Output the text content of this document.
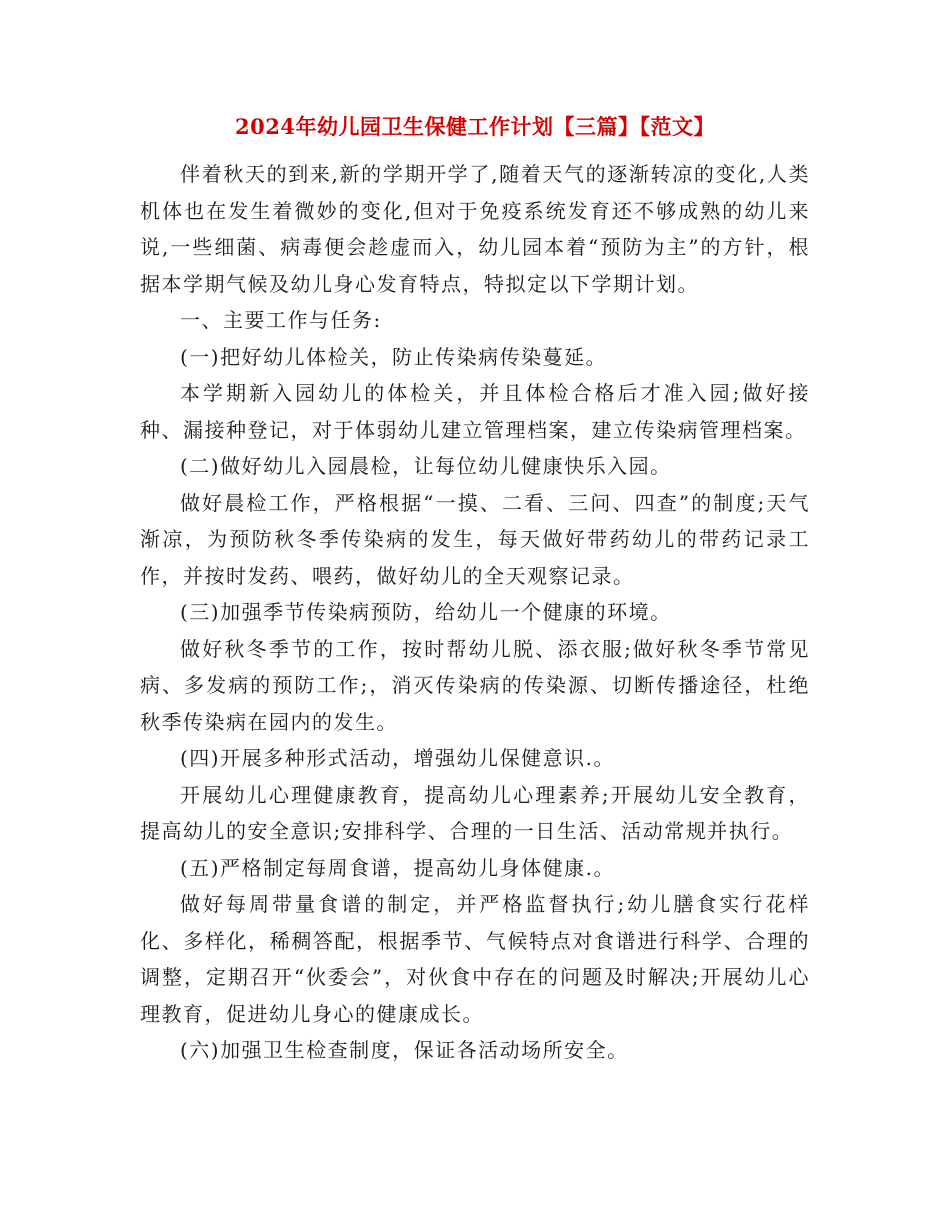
2024年幼儿园卫生保健工作计划【三篇】【范文】

伴着秋天的到来,新的学期开学了,随着天气的逐渐转凉的变化,人类机体也在发生着微妙的变化,但对于免疫系统发育还不够成熟的幼儿来说,一些细菌、病毒便会趁虚而入，幼儿园本着“预防为主”的方针，根据本学期气候及幼儿身心发育特点，特拟定以下学期计划。

一、主要工作与任务:

(一)把好幼儿体检关，防止传染病传染蔓延。

本学期新入园幼儿的体检关，并且体检合格后才准入园;做好接种、漏接种登记，对于体弱幼儿建立管理档案，建立传染病管理档案。

(二)做好幼儿入园晨检，让每位幼儿健康快乐入园。

做好晨检工作，严格根据“一摸、二看、三问、四查”的制度;天气渐凉，为预防秋冬季传染病的发生，每天做好带药幼儿的带药记录工作，并按时发药、喂药，做好幼儿的全天观察记录。

(三)加强季节传染病预防，给幼儿一个健康的环境。

做好秋冬季节的工作，按时帮幼儿脱、添衣服;做好秋冬季节常见病、多发病的预防工作;，消灭传染病的传染源、切断传播途径，杜绝秋季传染病在园内的发生。

(四)开展多种形式活动，增强幼儿保健意识.。

开展幼儿心理健康教育，提高幼儿心理素养;开展幼儿安全教育，提高幼儿的安全意识;安排科学、合理的一日生活、活动常规并执行。

(五)严格制定每周食谱，提高幼儿身体健康.。

做好每周带量食谱的制定，并严格监督执行;幼儿膳食实行花样化、多样化，稀稠答配，根据季节、气候特点对食谱进行科学、合理的调整，定期召开“伙委会”，对伙食中存在的问题及时解决;开展幼儿心理教育，促进幼儿身心的健康成长。

(六)加强卫生检查制度，保证各活动场所安全。
